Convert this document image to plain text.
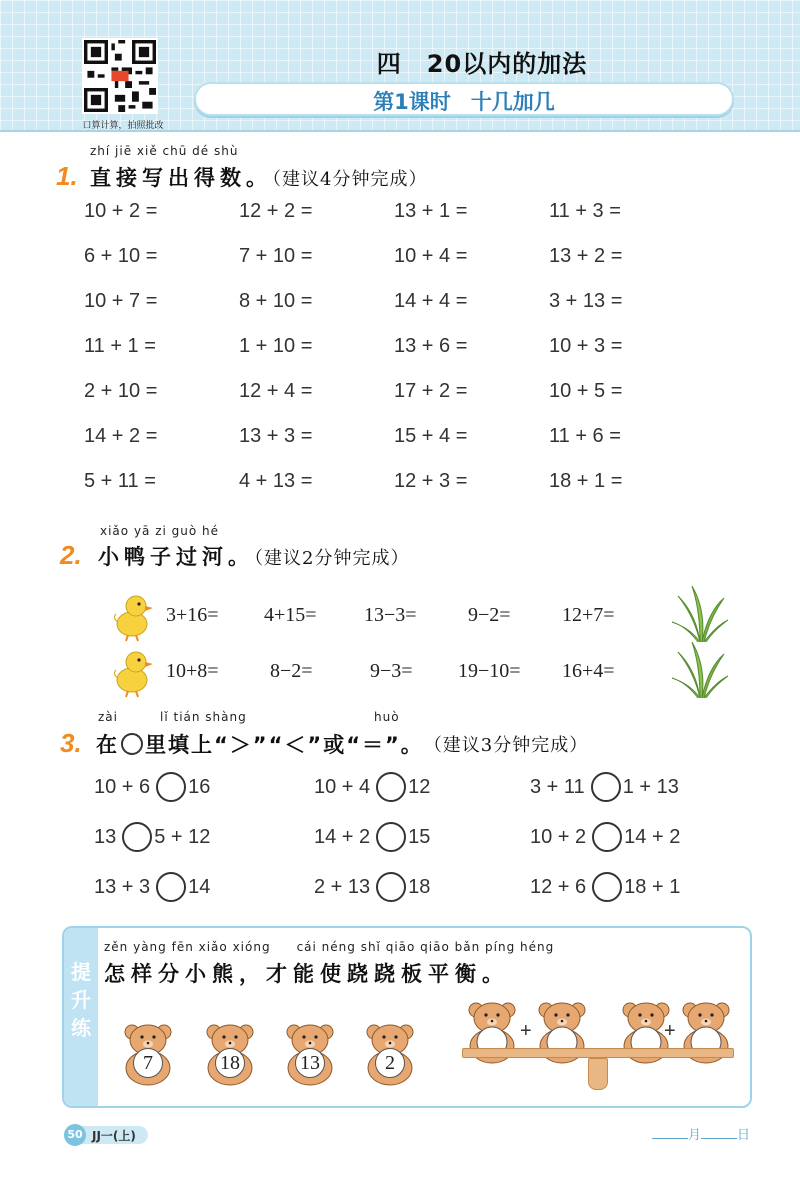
口算计算，拍照批改
四　20以内的加法
第1课时 十几加几
zhí jiē xiě chū dé shù
1. 直接写出得数。（建议4分钟完成）
10 + 2 =	12 + 2 =	13 + 1 =	11 + 3 =
6 + 10 =	7 + 10 =	10 + 4 =	13 + 2 =
10 + 7 =	8 + 10 =	14 + 4 =	3 + 13 =
11 + 1 =	1 + 10 =	13 + 6 =	10 + 3 =
2 + 10 =	12 + 4 =	17 + 2 =	10 + 5 =
14 + 2 =	13 + 3 =	15 + 4 =	11 + 6 =
5 + 11 =	4 + 13 =	12 + 3 =	18 + 1 =
xiǎo yā zi guò hé
2. 小鸭子过河。（建议2分钟完成）
3+16= 4+15= 13−3=	9−2=	12+7=
10+8=	8−2=	9−3= 19−10= 16+4=
zài	lǐ tián shàng	huò
3. 在 里填上“＞”“＜”或“＝”。 （建议3分钟完成）
10 + 6 16	10 + 4 12	3 + 11 1 + 13
13 5 + 12	14 + 2 15	10 + 2 14 + 2
13 + 3 14	2 + 13 18	12 + 6 18 + 1
提升练
zěn yàng fēn xiǎo xióng　　cái néng shǐ qiāo qiāo bǎn píng héng
怎样分小熊，才能使跷跷板平衡。
7	18	13	2
+	+
50 JJ一(上)	月	日
